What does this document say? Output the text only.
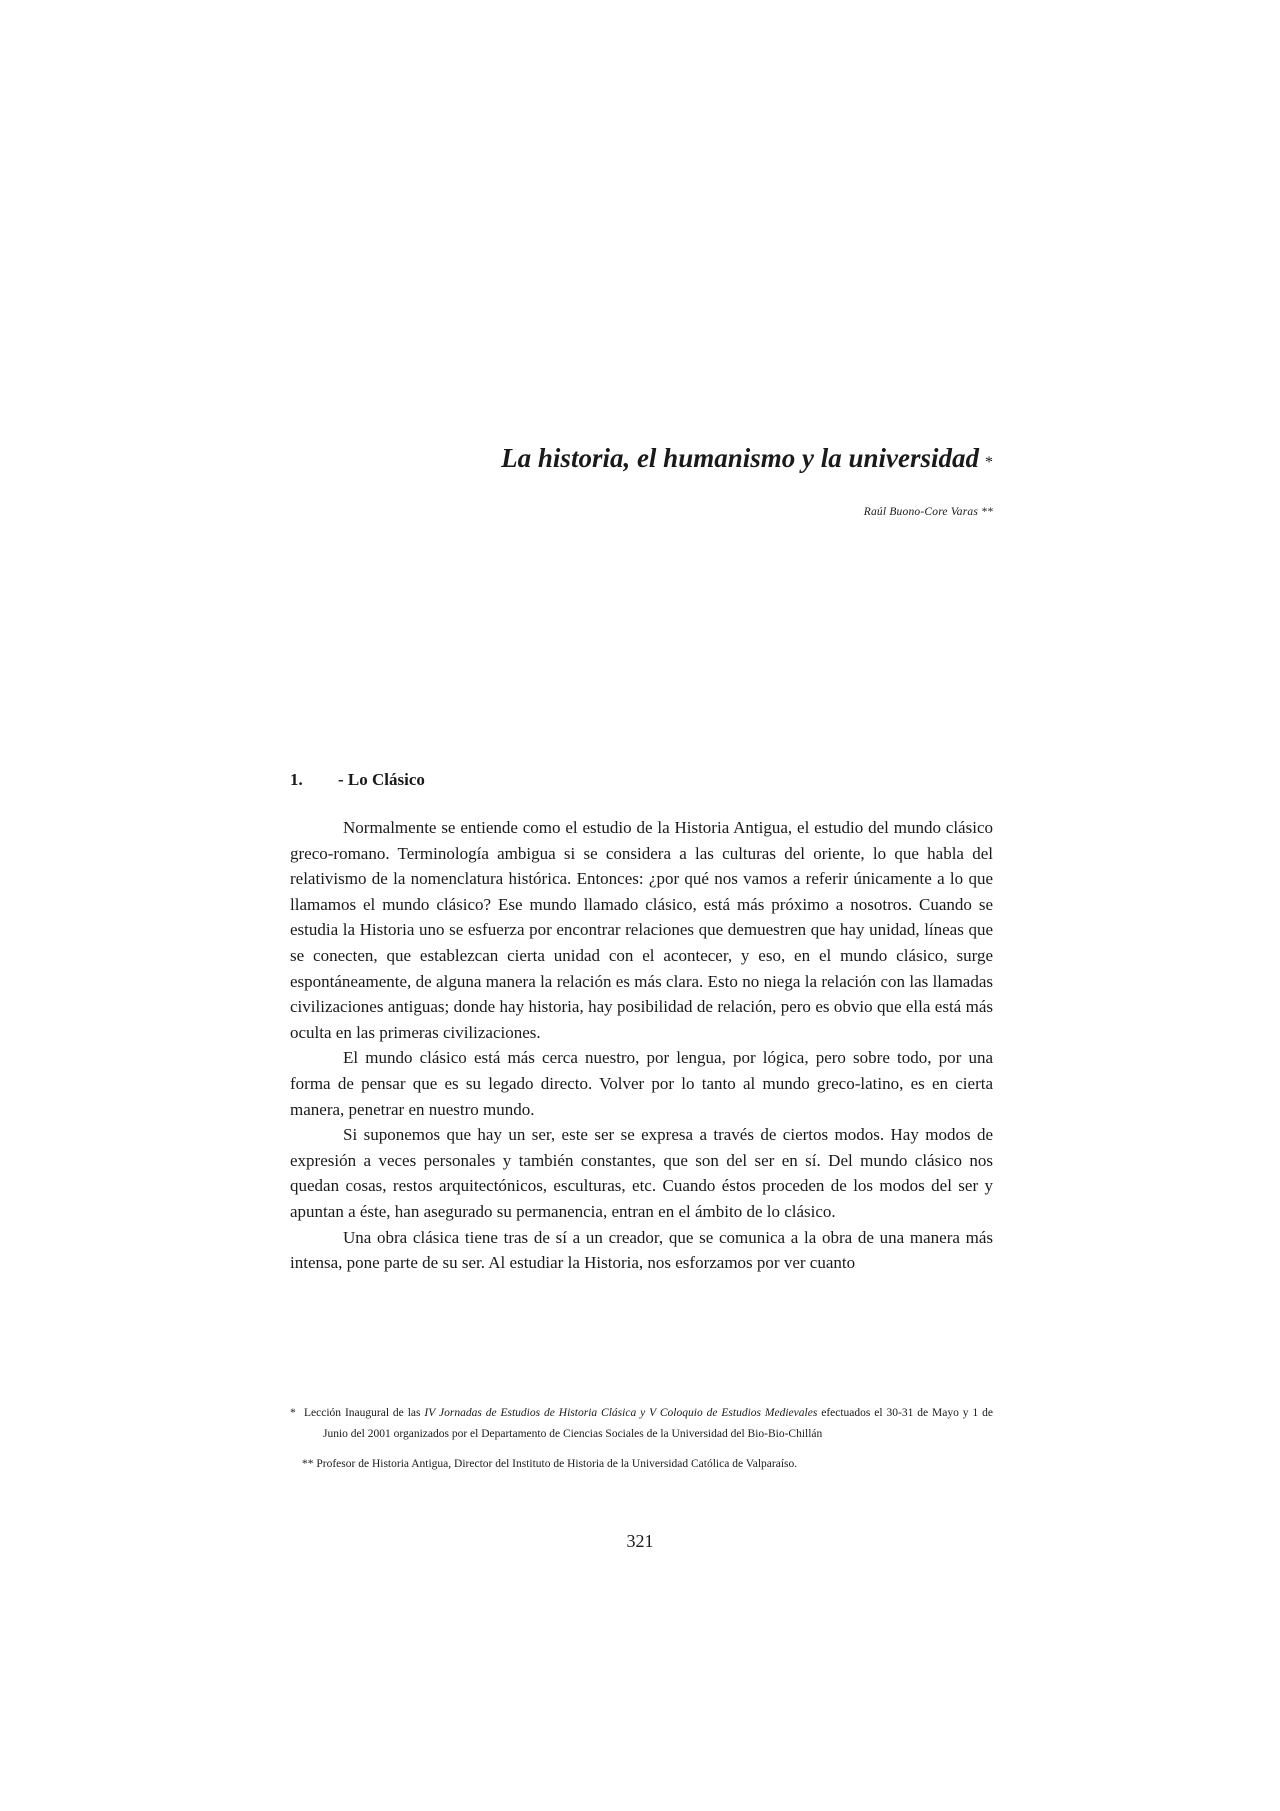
La historia, el humanismo y la universidad *
Raúl Buono-Core Varas **
1. - Lo Clásico

Normalmente se entiende como el estudio de la Historia Antigua, el estudio del mundo clásico greco-romano. Terminología ambigua si se considera a las culturas del oriente, lo que habla del relativismo de la nomenclatura histórica. Entonces: ¿por qué nos vamos a referir únicamente a lo que llamamos el mundo clásico? Ese mundo llamado clásico, está más próximo a nosotros. Cuando se estudia la Historia uno se esfuerza por encontrar relaciones que demuestren que hay unidad, líneas que se conecten, que establezcan cierta unidad con el acontecer, y eso, en el mundo clásico, surge espontáneamente, de alguna manera la relación es más clara. Esto no niega la relación con las llamadas civilizaciones antiguas; donde hay historia, hay posibilidad de relación, pero es obvio que ella está más oculta en las primeras civilizaciones.

El mundo clásico está más cerca nuestro, por lengua, por lógica, pero sobre todo, por una forma de pensar que es su legado directo. Volver por lo tanto al mundo greco-latino, es en cierta manera, penetrar en nuestro mundo.

Si suponemos que hay un ser, este ser se expresa a través de ciertos modos. Hay modos de expresión a veces personales y también constantes, que son del ser en sí. Del mundo clásico nos quedan cosas, restos arquitectónicos, esculturas, etc. Cuando éstos proceden de los modos del ser y apuntan a éste, han asegurado su permanencia, entran en el ámbito de lo clásico.

Una obra clásica tiene tras de sí a un creador, que se comunica a la obra de una manera más intensa, pone parte de su ser. Al estudiar la Historia, nos esforzamos por ver cuanto

* Lección Inaugural de las IV Jornadas de Estudios de Historia Clásica y V Coloquio de Estudios Medievales efectuados el 30-31 de Mayo y 1 de Junio del 2001 organizados por el Departamento de Ciencias Sociales de la Universidad del Bio-Bio-Chillán
** Profesor de Historia Antigua, Director del Instituto de Historia de la Universidad Católica de Valparaíso.
321
